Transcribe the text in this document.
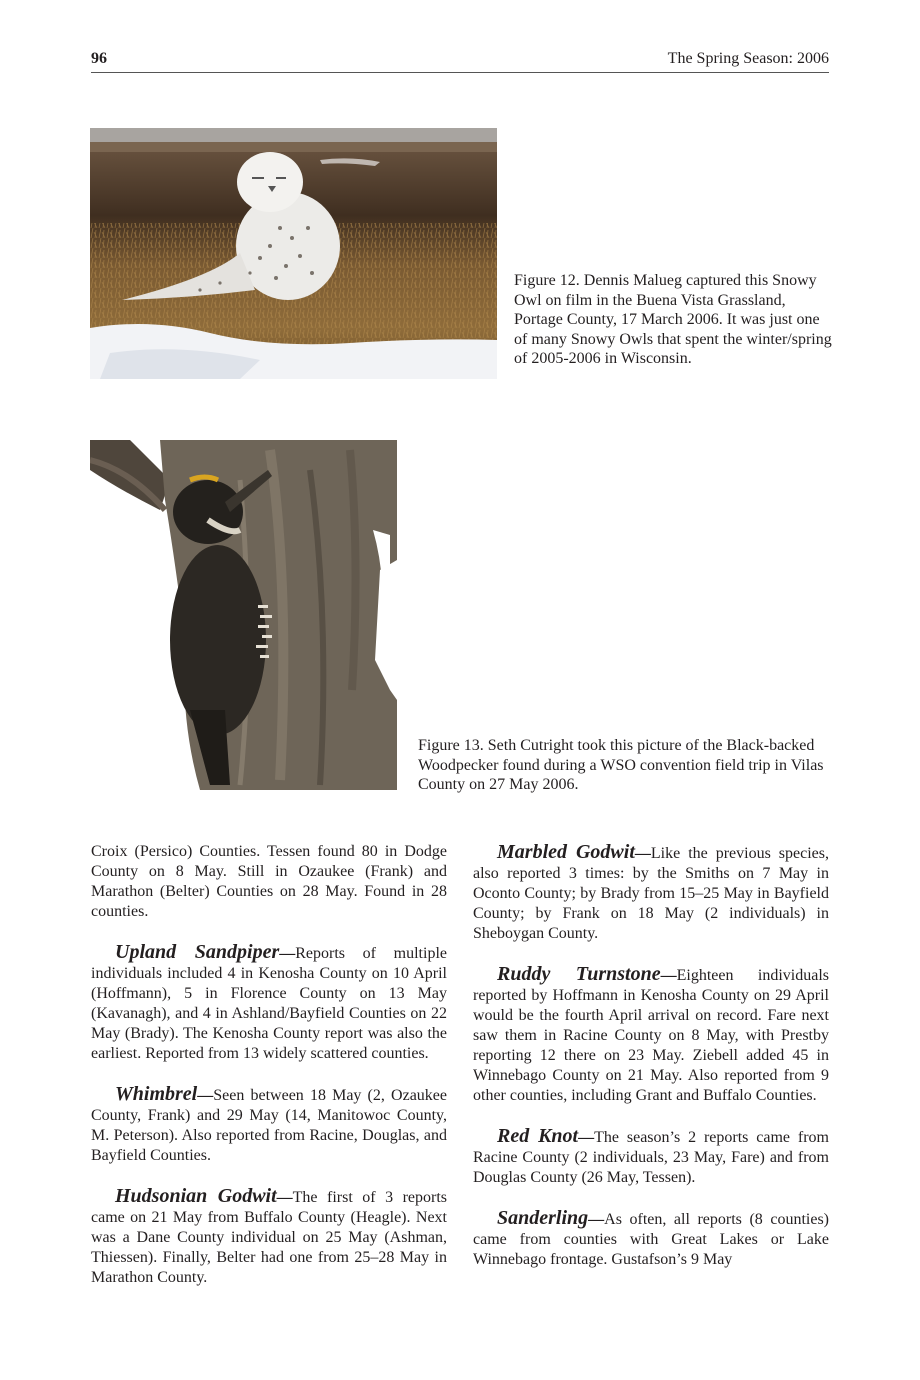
96	The Spring Season: 2006
Figure 12. Dennis Malueg captured this Snowy Owl on film in the Buena Vista Grassland, Portage County, 17 March 2006. It was just one of many Snowy Owls that spent the winter/spring of 2005-2006 in Wisconsin.
Figure 13. Seth Cutright took this picture of the Black-backed Woodpecker found during a WSO convention field trip in Vilas County on 27 May 2006.

Croix (Persico) Counties. Tessen found 80 in Dodge County on 8 May. Still in Ozaukee (Frank) and Marathon (Belter) Counties on 28 May. Found in 28 counties.

Upland Sandpiper—Reports of multiple individuals included 4 in Kenosha County on 10 April (Hoffmann), 5 in Florence County on 13 May (Kavanagh), and 4 in Ashland/Bayfield Counties on 22 May (Brady). The Kenosha County report was also the earliest. Reported from 13 widely scattered counties.

Whimbrel—Seen between 18 May (2, Ozaukee County, Frank) and 29 May (14, Manitowoc County, M. Peterson). Also reported from Racine, Douglas, and Bayfield Counties.

Hudsonian Godwit—The first of 3 reports came on 21 May from Buffalo County (Heagle). Next was a Dane County individual on 25 May (Ashman, Thiessen). Finally, Belter had one from 25–28 May in Marathon County.

Marbled Godwit—Like the previous species, also reported 3 times: by the Smiths on 7 May in Oconto County; by Brady from 15–25 May in Bayfield County; by Frank on 18 May (2 individuals) in Sheboygan County.

Ruddy Turnstone—Eighteen individuals reported by Hoffmann in Kenosha County on 29 April would be the fourth April arrival on record. Fare next saw them in Racine County on 8 May, with Prestby reporting 12 there on 23 May. Ziebell added 45 in Winnebago County on 21 May. Also reported from 9 other counties, including Grant and Buffalo Counties.

Red Knot—The season’s 2 reports came from Racine County (2 individuals, 23 May, Fare) and from Douglas County (26 May, Tessen).

Sanderling—As often, all reports (8 counties) came from counties with Great Lakes or Lake Winnebago frontage. Gustafson’s 9 May
